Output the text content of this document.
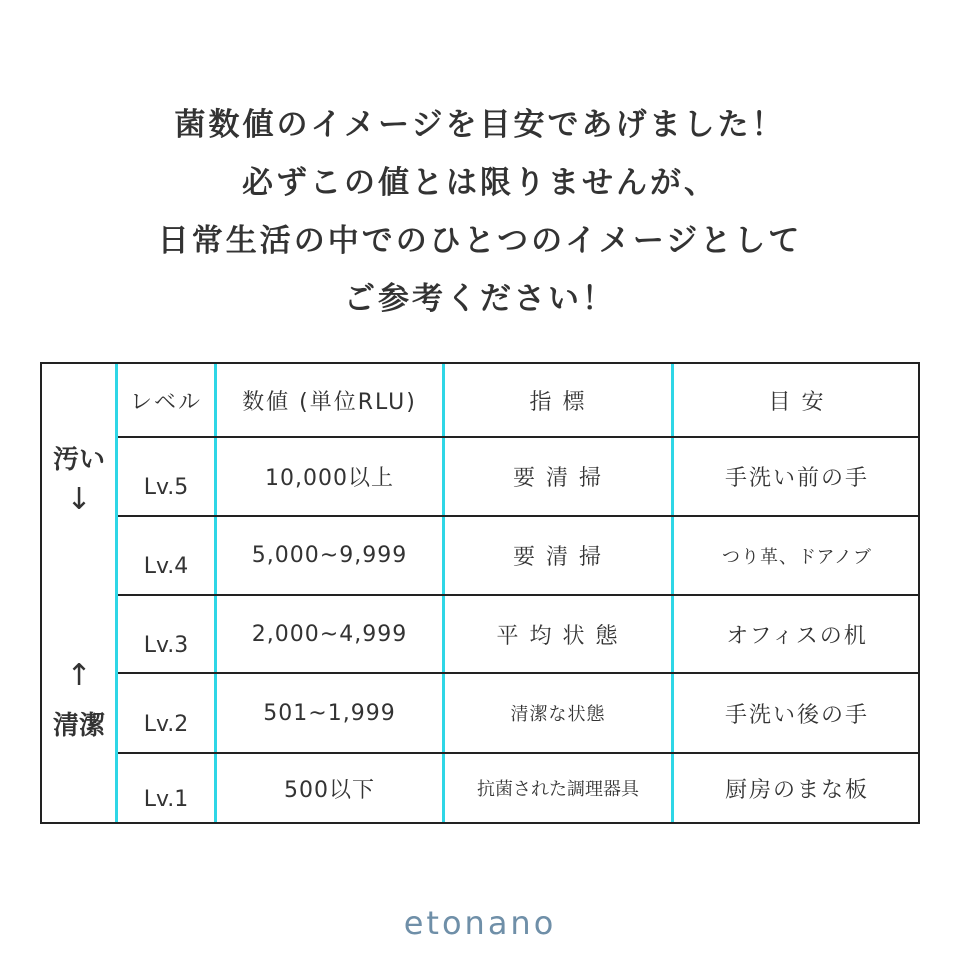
菌数値のイメージを目安であげました！
必ずこの値とは限りませんが、
日常生活の中でのひとつのイメージとして
ご参考ください！
汚い
↓
↑
清潔
レベル	数値 (単位RLU)	指 標	目 安
Lv.5	10,000以上	要 清 掃	手洗い前の手
Lv.4	5,000~9,999	要 清 掃	つり革、ドアノブ
Lv.3	2,000~4,999	平 均 状 態	オフィスの机
Lv.2	501~1,999	清潔な状態	手洗い後の手
Lv.1	500以下	抗菌された調理器具	厨房のまな板
etonano
